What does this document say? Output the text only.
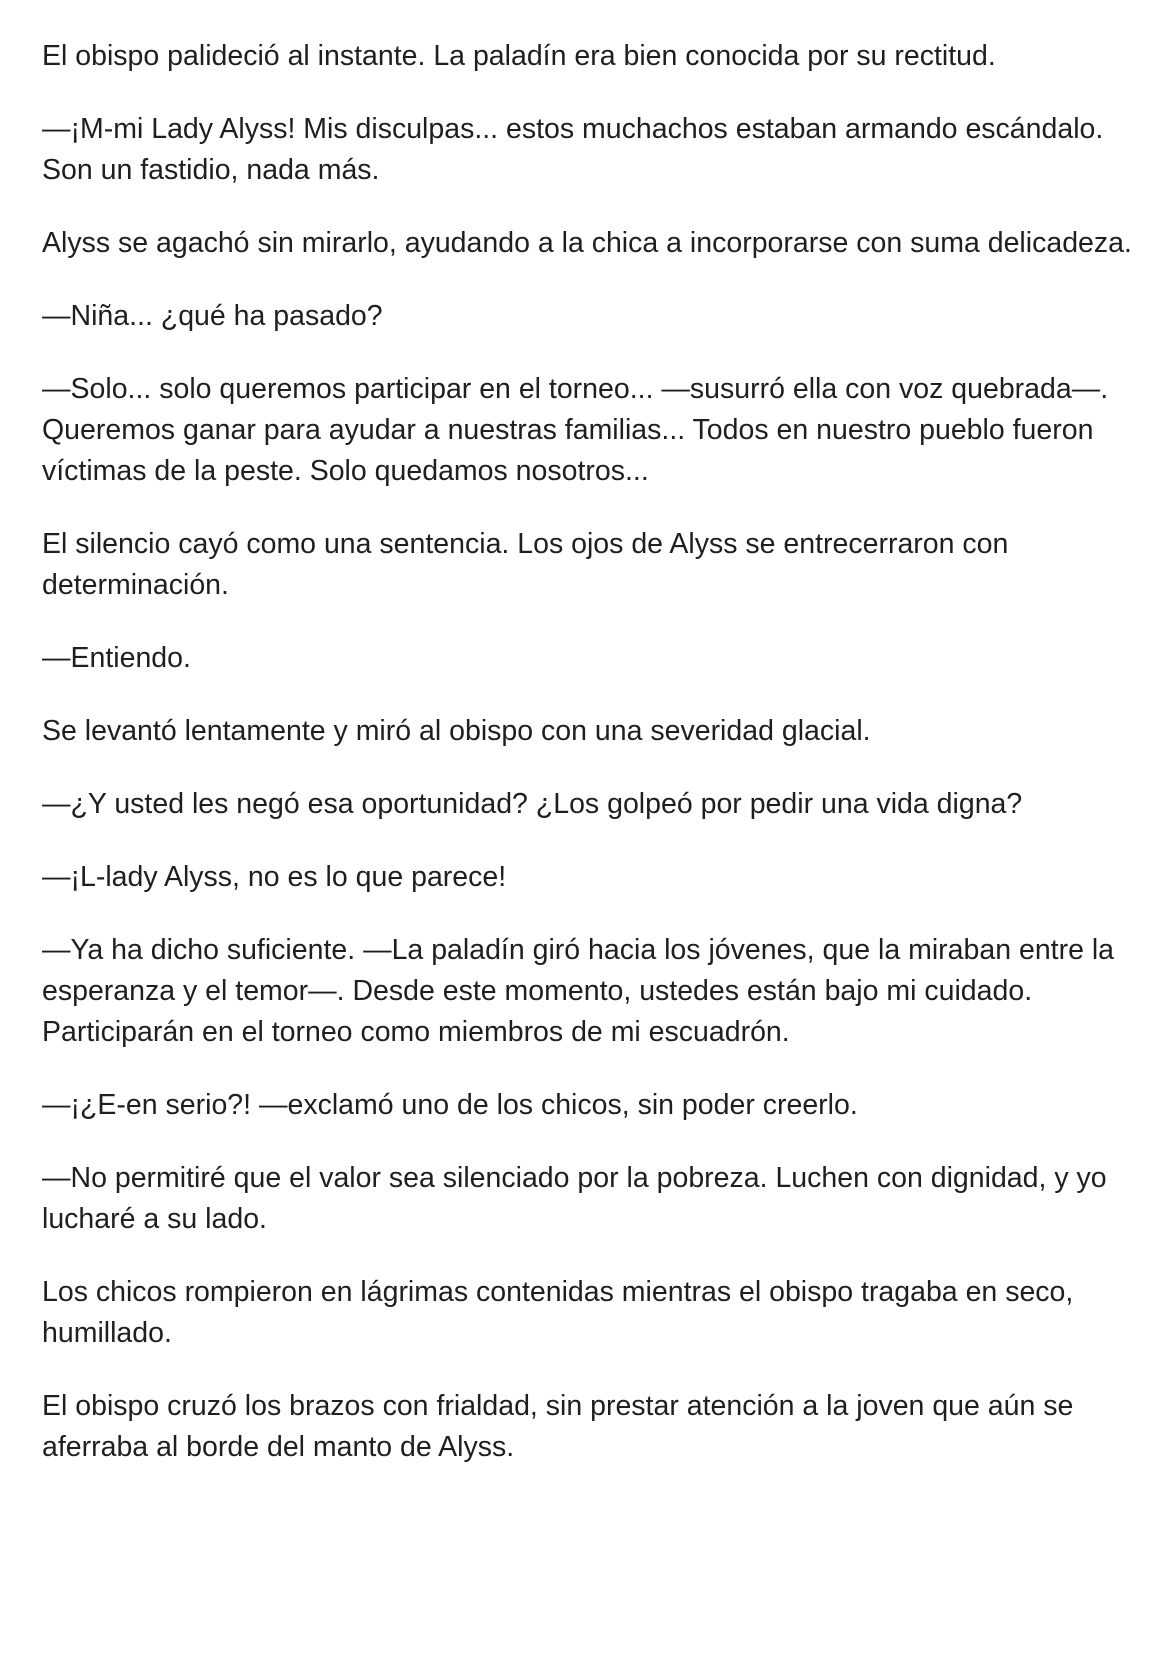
El obispo palideció al instante. La paladín era bien conocida por su rectitud.

—¡M-mi Lady Alyss! Mis disculpas... estos muchachos estaban armando escándalo. Son un fastidio, nada más.

Alyss se agachó sin mirarlo, ayudando a la chica a incorporarse con suma delicadeza.

—Niña... ¿qué ha pasado?

—Solo... solo queremos participar en el torneo... —susurró ella con voz quebrada—. Queremos ganar para ayudar a nuestras familias... Todos en nuestro pueblo fueron víctimas de la peste. Solo quedamos nosotros...

El silencio cayó como una sentencia. Los ojos de Alyss se entrecerraron con determinación.

—Entiendo.

Se levantó lentamente y miró al obispo con una severidad glacial.

—¿Y usted les negó esa oportunidad? ¿Los golpeó por pedir una vida digna?

—¡L-lady Alyss, no es lo que parece!

—Ya ha dicho suficiente. —La paladín giró hacia los jóvenes, que la miraban entre la esperanza y el temor—. Desde este momento, ustedes están bajo mi cuidado. Participarán en el torneo como miembros de mi escuadrón.

—¡¿E-en serio?! —exclamó uno de los chicos, sin poder creerlo.

—No permitiré que el valor sea silenciado por la pobreza. Luchen con dignidad, y yo lucharé a su lado.

Los chicos rompieron en lágrimas contenidas mientras el obispo tragaba en seco, humillado.

El obispo cruzó los brazos con frialdad, sin prestar atención a la joven que aún se aferraba al borde del manto de Alyss.
